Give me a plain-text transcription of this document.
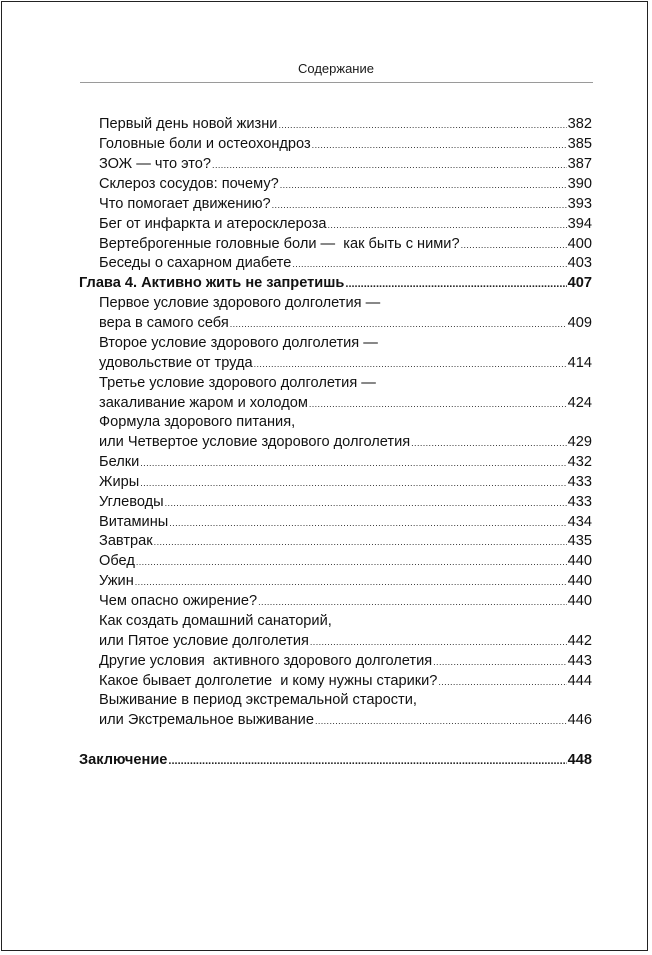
Содержание
Первый день новой жизни .....	382
Головные боли и остеохондроз .....	385
ЗОЖ — что это? .....	387
Склероз сосудов: почему? .....	390
Что помогает движению? .....	393
Бег от инфаркта и атеросклероза .....	394
Вертеброгенные головные боли —  как быть с ними? .....	400
Беседы о сахарном диабете .....	403
Глава 4. Активно жить не запретишь .....	407
Первое условие здорового долголетия —
вера в самого себя .....	409
Второе условие здорового долголетия —
удовольствие от труда .....	414
Третье условие здорового долголетия —
закаливание жаром и холодом .....	424
Формула здорового питания,
или Четвертое условие здорового долголетия .....	429
Белки .....	432
Жиры .....	433
Углеводы .....	433
Витамины .....	434
Завтрак .....	435
Обед .....	440
Ужин .....	440
Чем опасно ожирение? .....	440
Как создать домашний санаторий,
или Пятое условие долголетия .....	442
Другие условия  активного здорового долголетия .....	443
Какое бывает долголетие  и кому нужны старики? .....	444
Выживание в период экстремальной старости,
или Экстремальное выживание .....	446
Заключение .....	448
